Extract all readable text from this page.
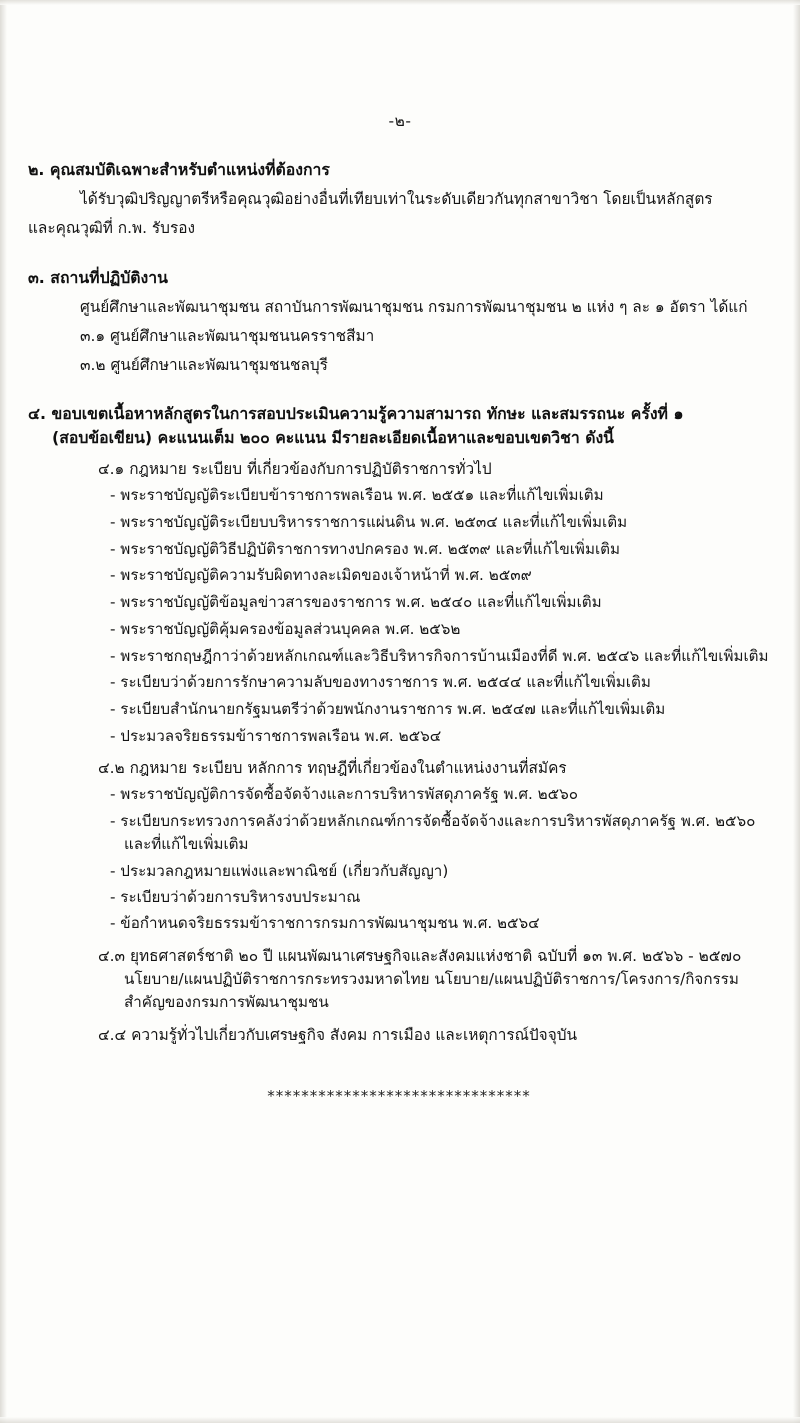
-๒-
๒. คุณสมบัติเฉพาะสำหรับตำแหน่งที่ต้องการ
ได้รับวุฒิปริญญาตรีหรือคุณวุฒิอย่างอื่นที่เทียบเท่าในระดับเดียวกันทุกสาขาวิชา โดยเป็นหลักสูตร
และคุณวุฒิที่ ก.พ. รับรอง
๓. สถานที่ปฏิบัติงาน
ศูนย์ศึกษาและพัฒนาชุมชน สถาบันการพัฒนาชุมชน กรมการพัฒนาชุมชน ๒ แห่ง ๆ ละ ๑ อัตรา ได้แก่
๓.๑ ศูนย์ศึกษาและพัฒนาชุมชนนครราชสีมา
๓.๒ ศูนย์ศึกษาและพัฒนาชุมชนชลบุรี
๔. ขอบเขตเนื้อหาหลักสูตรในการสอบประเมินความรู้ความสามารถ ทักษะ และสมรรถนะ ครั้งที่ ๑
(สอบข้อเขียน) คะแนนเต็ม ๒๐๐ คะแนน มีรายละเอียดเนื้อหาและขอบเขตวิชา ดังนี้
๔.๑ กฎหมาย ระเบียบ ที่เกี่ยวข้องกับการปฏิบัติราชการทั่วไป
- พระราชบัญญัติระเบียบข้าราชการพลเรือน พ.ศ. ๒๕๕๑ และที่แก้ไขเพิ่มเติม
- พระราชบัญญัติระเบียบบริหารราชการแผ่นดิน พ.ศ. ๒๕๓๔ และที่แก้ไขเพิ่มเติม
- พระราชบัญญัติวิธีปฏิบัติราชการทางปกครอง พ.ศ. ๒๕๓๙ และที่แก้ไขเพิ่มเติม
- พระราชบัญญัติความรับผิดทางละเมิดของเจ้าหน้าที่ พ.ศ. ๒๕๓๙
- พระราชบัญญัติข้อมูลข่าวสารของราชการ พ.ศ. ๒๕๔๐ และที่แก้ไขเพิ่มเติม
- พระราชบัญญัติคุ้มครองข้อมูลส่วนบุคคล พ.ศ. ๒๕๖๒
- พระราชกฤษฎีกาว่าด้วยหลักเกณฑ์และวิธีบริหารกิจการบ้านเมืองที่ดี พ.ศ. ๒๕๔๖ และที่แก้ไขเพิ่มเติม
- ระเบียบว่าด้วยการรักษาความลับของทางราชการ พ.ศ. ๒๕๔๔ และที่แก้ไขเพิ่มเติม
- ระเบียบสำนักนายกรัฐมนตรีว่าด้วยพนักงานราชการ พ.ศ. ๒๕๔๗ และที่แก้ไขเพิ่มเติม
- ประมวลจริยธรรมข้าราชการพลเรือน พ.ศ. ๒๕๖๔
๔.๒ กฎหมาย ระเบียบ หลักการ ทฤษฎีที่เกี่ยวข้องในตำแหน่งงานที่สมัคร
- พระราชบัญญัติการจัดซื้อจัดจ้างและการบริหารพัสดุภาครัฐ พ.ศ. ๒๕๖๐
- ระเบียบกระทรวงการคลังว่าด้วยหลักเกณฑ์การจัดซื้อจัดจ้างและการบริหารพัสดุภาครัฐ พ.ศ. ๒๕๖๐
และที่แก้ไขเพิ่มเติม
- ประมวลกฎหมายแพ่งและพาณิชย์ (เกี่ยวกับสัญญา)
- ระเบียบว่าด้วยการบริหารงบประมาณ
- ข้อกำหนดจริยธรรมข้าราชการกรมการพัฒนาชุมชน พ.ศ. ๒๕๖๔
๔.๓ ยุทธศาสตร์ชาติ ๒๐ ปี แผนพัฒนาเศรษฐกิจและสังคมแห่งชาติ ฉบับที่ ๑๓ พ.ศ. ๒๕๖๖ - ๒๕๗๐
นโยบาย/แผนปฏิบัติราชการกระทรวงมหาดไทย นโยบาย/แผนปฏิบัติราชการ/โครงการ/กิจกรรม
สำคัญของกรมการพัฒนาชุมชน
๔.๔ ความรู้ทั่วไปเกี่ยวกับเศรษฐกิจ สังคม การเมือง และเหตุการณ์ปัจจุบัน
*******************************
